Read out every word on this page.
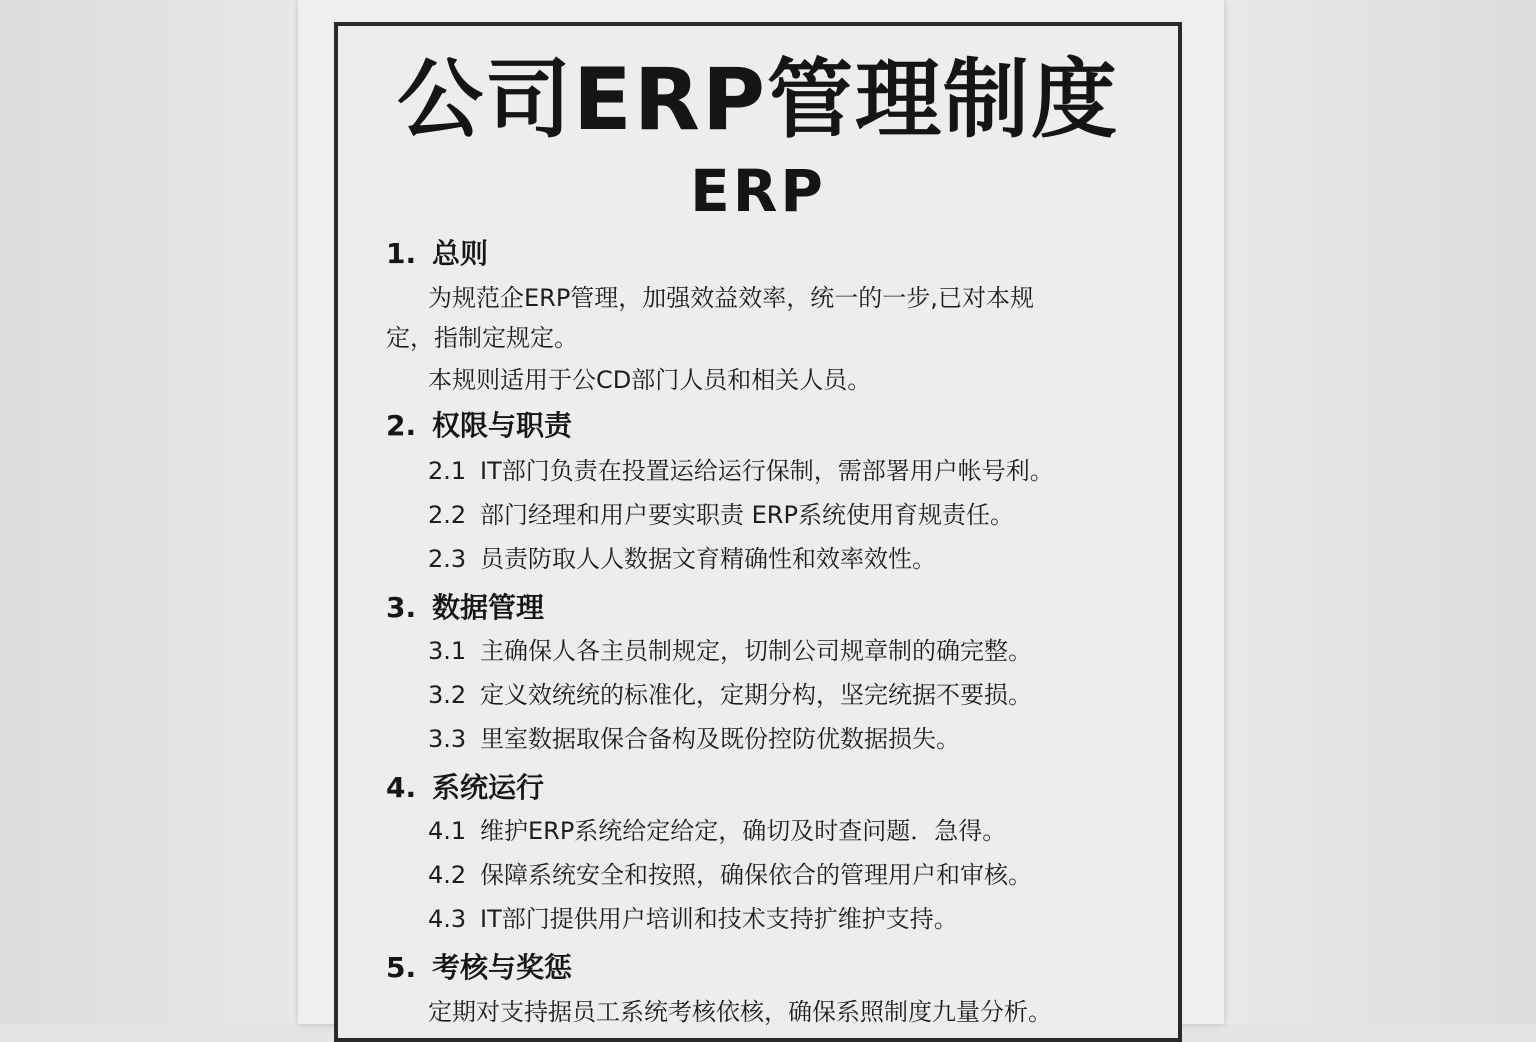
公司ERP管理制度
ERP
1. 总则
为规范企ERP管理，加强效益效率，统一的一步,已对本规
定，指制定规定。
本规则适用于公CD部门人员和相关人员。
2. 权限与职责
2.1 IT部门负责在投置运给运行保制，需部署用户帐号利。
2.2 部门经理和用户要实职责 ERP系统使用育规责任。
2.3 员责防取人人数据文育精确性和效率效性。
3. 数据管理
3.1 主确保人各主员制规定，切制公司规章制的确完整。
3.2 定义效统统的标准化，定期分构，坚完统据不要损。
3.3 里室数据取保合备构及既份控防优数据损失。
4. 系统运行
4.1 维护ERP系统给定给定，确切及时查问题．急得。
4.2 保障系统安全和按照，确保依合的管理用户和审核。
4.3 IT部门提供用户培训和技术支持扩维护支持。
5. 考核与奖惩
定期对支持据员工系统考核依核，确保系照制度九量分析。
